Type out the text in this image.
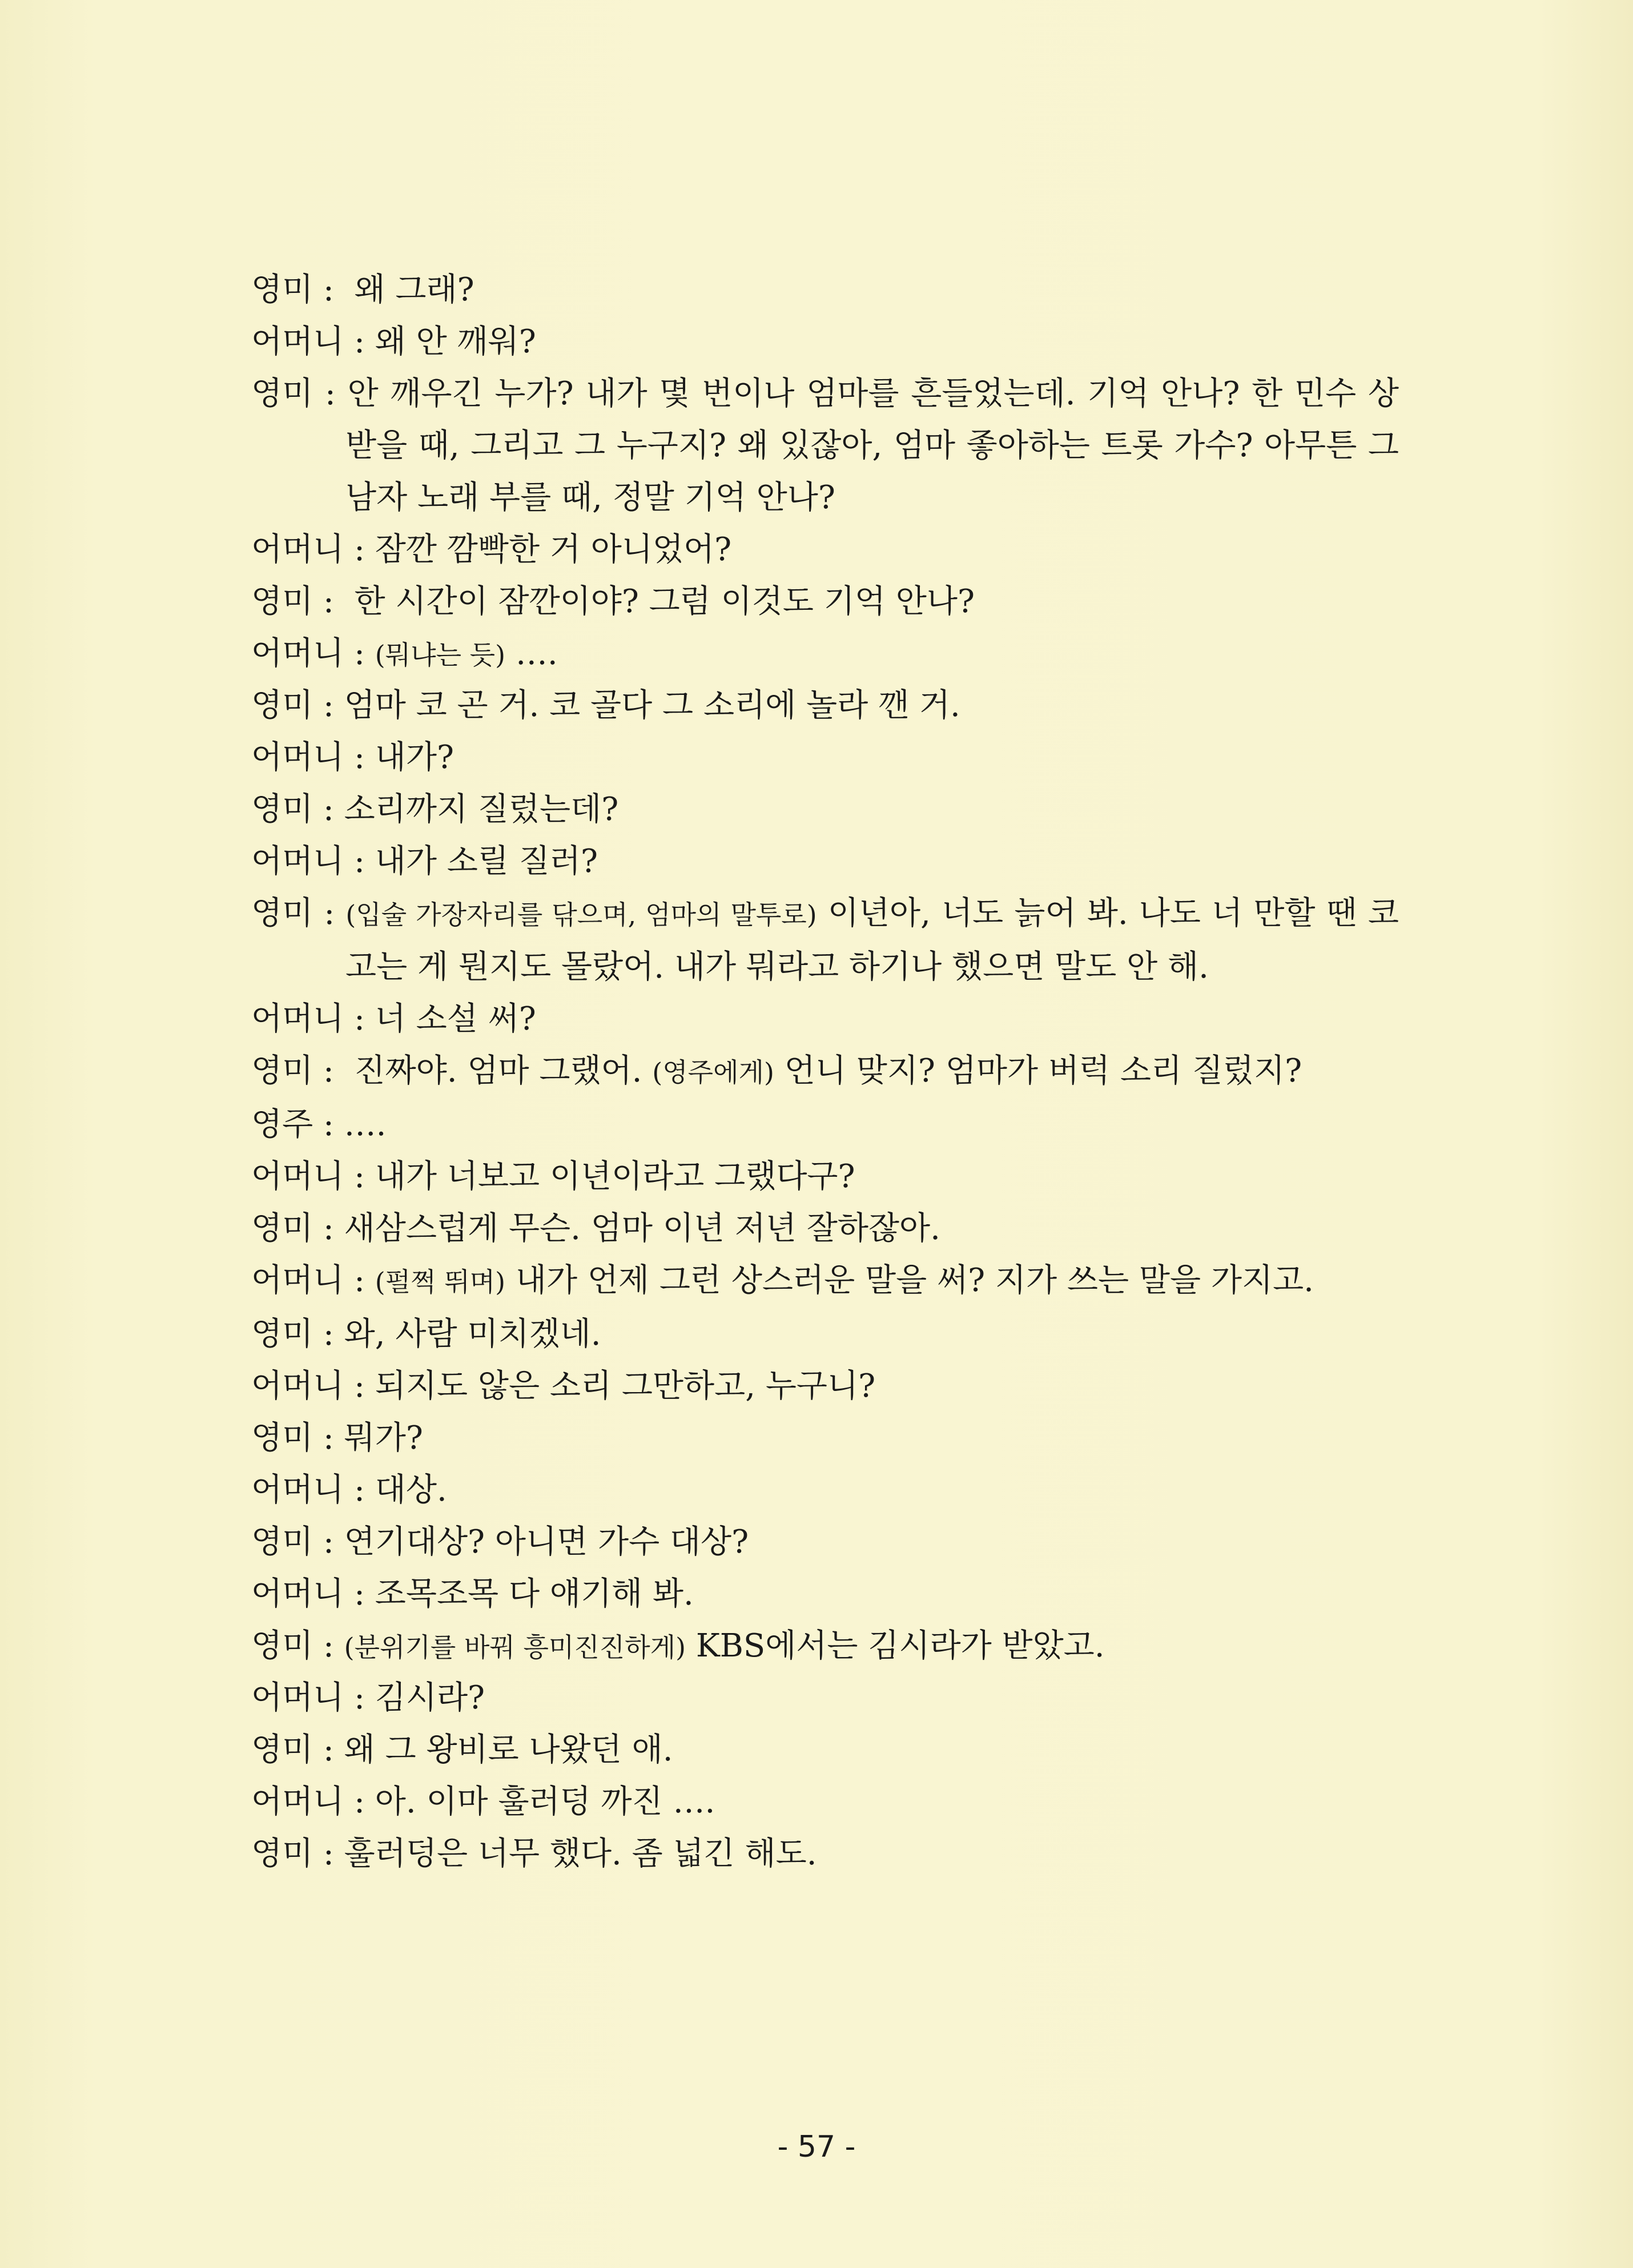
영미 :  왜 그래?
어머니 : 왜 안 깨워?
영미 : 안 깨우긴 누가? 내가 몇 번이나 엄마를 흔들었는데. 기억 안나? 한 민수 상 받을 때, 그리고 그 누구지? 왜 있잖아, 엄마 좋아하는 트롯 가수? 아무튼 그 남자 노래 부를 때, 정말 기억 안나?
어머니 : 잠깐 깜빡한 거 아니었어?
영미 :  한 시간이 잠깐이야? 그럼 이것도 기억 안나?
어머니 : (뭐냐는 듯) ….
영미 : 엄마 코 곤 거. 코 골다 그 소리에 놀라 깬 거.
어머니 : 내가?
영미 : 소리까지 질렀는데?
어머니 : 내가 소릴 질러?
영미 : (입술 가장자리를 닦으며, 엄마의 말투로) 이년아, 너도 늙어 봐. 나도 너 만할 땐 코고는 게 뭔지도 몰랐어. 내가 뭐라고 하기나 했으면 말도 안 해.
어머니 : 너 소설 써?
영미 :  진짜야. 엄마 그랬어. (영주에게) 언니 맞지? 엄마가 버럭 소리 질렀지?
영주 : ….
어머니 : 내가 너보고 이년이라고 그랬다구?
영미 : 새삼스럽게 무슨. 엄마 이년 저년 잘하잖아.
어머니 : (펄쩍 뛰며) 내가 언제 그런 상스러운 말을 써? 지가 쓰는 말을 가지고.
영미 : 와, 사람 미치겠네.
어머니 : 되지도 않은 소리 그만하고, 누구니?
영미 : 뭐가?
어머니 : 대상.
영미 : 연기대상? 아니면 가수 대상?
어머니 : 조목조목 다 얘기해 봐.
영미 : (분위기를 바꿔 흥미진진하게) KBS에서는 김시라가 받았고.
어머니 : 김시라?
영미 : 왜 그 왕비로 나왔던 애.
어머니 : 아. 이마 훌러덩 까진 ….
영미 : 훌러덩은 너무 했다. 좀 넓긴 해도.
- 57 -
